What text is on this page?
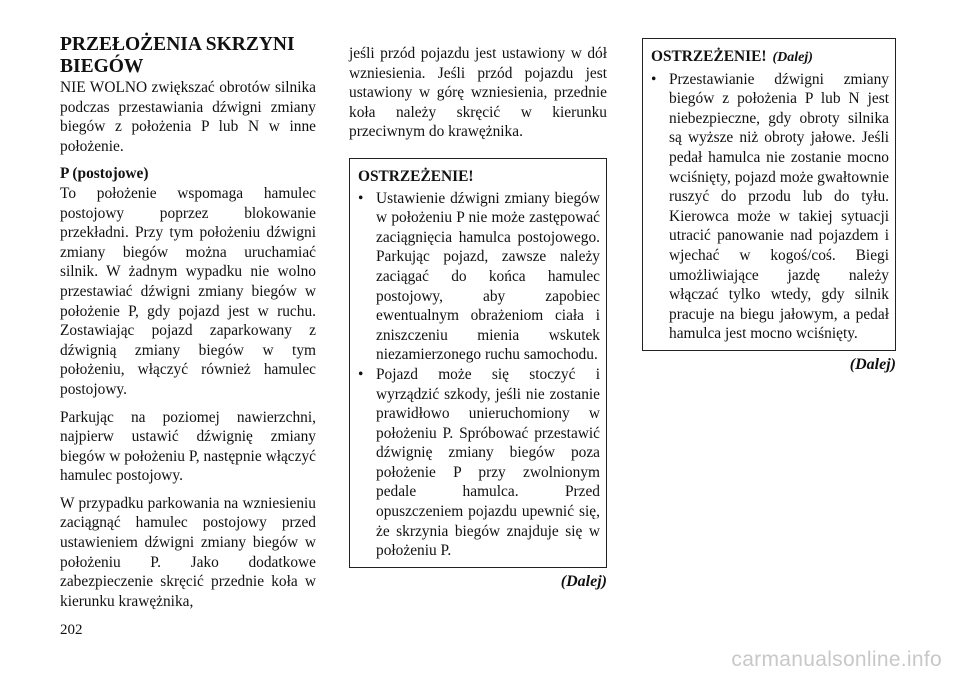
PRZEŁOŻENIA SKRZYNI BIEGÓW

NIE WOLNO zwiększać obrotów silnika podczas przestawiania dźwigni zmiany biegów z położenia P lub N w inne położenie.

P (postojowe)

To położenie wspomaga hamulec postojowy poprzez blokowanie przekładni. Przy tym położeniu dźwigni zmiany biegów można uruchamiać silnik. W żadnym wypadku nie wolno przestawiać dźwigni zmiany biegów w położenie P, gdy pojazd jest w ruchu. Zostawiając pojazd zaparkowany z dźwignią zmiany biegów w tym położeniu, włączyć również hamulec postojowy.

Parkując na poziomej nawierzchni, najpierw ustawić dźwignię zmiany biegów w położeniu P, następnie włączyć hamulec postojowy.

W przypadku parkowania na wzniesieniu zaciągnąć hamulec postojowy przed ustawieniem dźwigni zmiany biegów w położeniu P. Jako dodatkowe zabezpieczenie skręcić przednie koła w kierunku krawężnika,

jeśli przód pojazdu jest ustawiony w dół wzniesienia. Jeśli przód pojazdu jest ustawiony w górę wzniesienia, przednie koła należy skręcić w kierunku przeciwnym do krawężnika.

OSTRZEŻENIE!
• Ustawienie dźwigni zmiany biegów w położeniu P nie może zastępować zaciągnięcia hamulca postojowego. Parkując pojazd, zawsze należy zaciągać do końca hamulec postojowy, aby zapobiec ewentualnym obrażeniom ciała i zniszczeniu mienia wskutek niezamierzonego ruchu samochodu.
• Pojazd może się stoczyć i wyrządzić szkody, jeśli nie zostanie prawidłowo unieruchomiony w położeniu P. Spróbować przestawić dźwignię zmiany biegów poza położenie P przy zwolnionym pedale hamulca. Przed opuszczeniem pojazdu upewnić się, że skrzynia biegów znajduje się w położeniu P.
(Dalej)
OSTRZEŻENIE! (Dalej)
• Przestawianie dźwigni zmiany biegów z położenia P lub N jest niebezpieczne, gdy obroty silnika są wyższe niż obroty jałowe. Jeśli pedał hamulca nie zostanie mocno wciśnięty, pojazd może gwałtownie ruszyć do przodu lub do tyłu. Kierowca może w takiej sytuacji utracić panowanie nad pojazdem i wjechać w kogoś/coś. Biegi umożliwiające jazdę należy włączać tylko wtedy, gdy silnik pracuje na biegu jałowym, a pedał hamulca jest mocno wciśnięty.
(Dalej)
202
carmanualsonline.info
